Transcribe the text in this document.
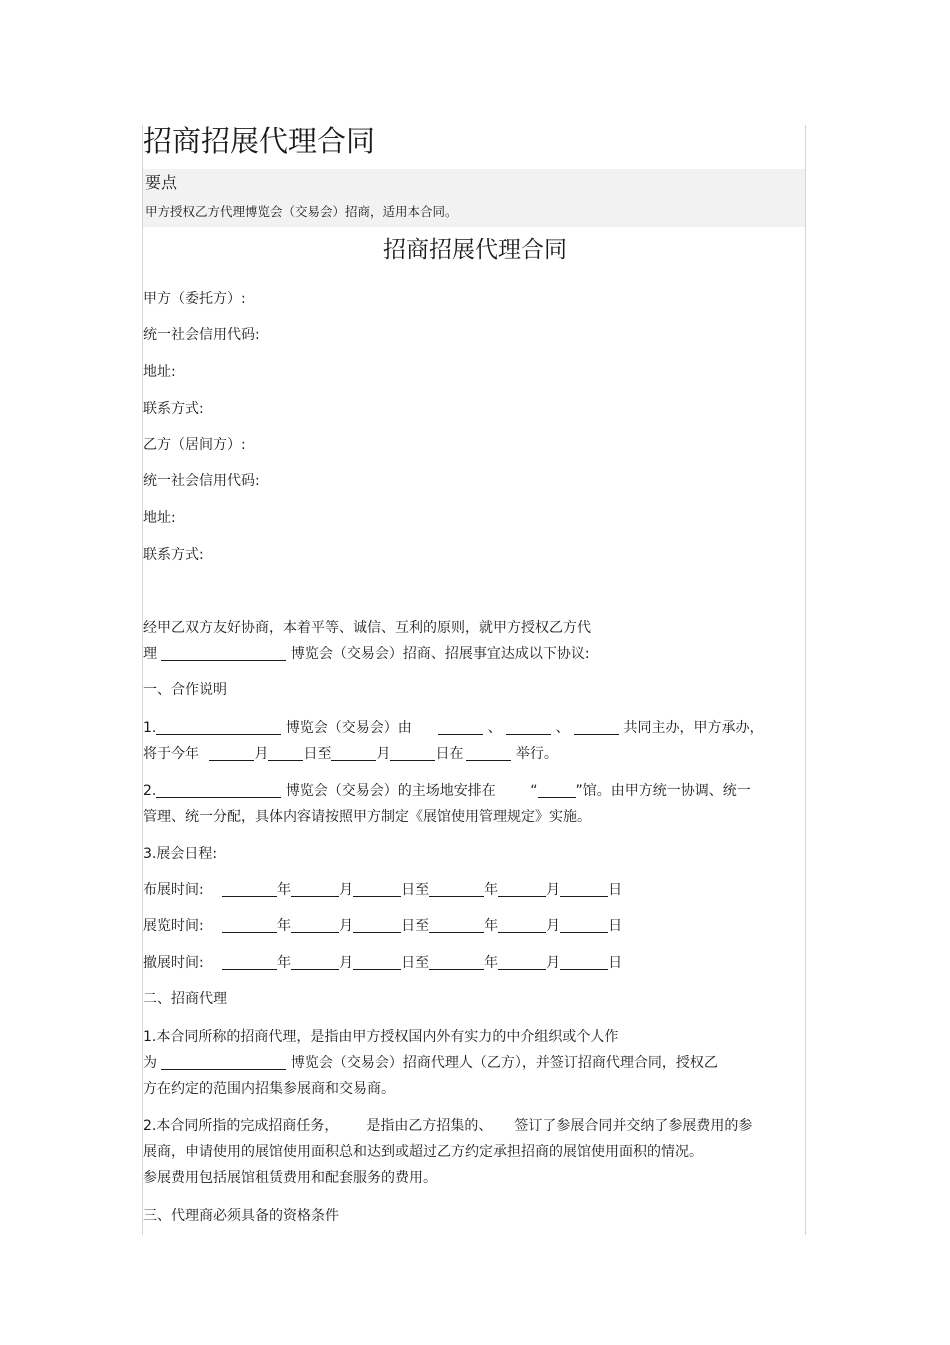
招商招展代理合同
要点
甲方授权乙方代理博览会（交易会）招商，适用本合同。
招商招展代理合同
甲方（委托方）:
统一社会信用代码:
地址:
联系方式:
乙方（居间方）:
统一社会信用代码:
地址:
联系方式:
经甲乙双方友好协商，本着平等、诚信、互利的原则，就甲方授权乙方代
理	博览会（交易会）招商、招展事宜达成以下协议:
一、合作说明
1.	博览会（交易会）由	、	、	共同主办，甲方承办，
将于今年	月	日至	月	日在	举行。
2.	博览会（交易会）的主场地安排在 “	”馆。由甲方统一协调、统一
管理、统一分配，具体内容请按照甲方制定《展馆使用管理规定》实施。
3.展会日程:
布展时间:	年	月	日至	年	月	日
展览时间:	年	月	日至	年	月	日
撤展时间:	年	月	日至	年	月	日
二、招商代理
1.本合同所称的招商代理，是指由甲方授权国内外有实力的中介组织或个人作
为	博览会（交易会）招商代理人（乙方），并签订招商代理合同，授权乙
方在约定的范围内招集参展商和交易商。
2.本合同所指的完成招商任务， 是指由乙方招集的、 签订了参展合同并交纳了参展费用的参
展商，申请使用的展馆使用面积总和达到或超过乙方约定承担招商的展馆使用面积的情况。
参展费用包括展馆租赁费用和配套服务的费用。
三、代理商必须具备的资格条件
